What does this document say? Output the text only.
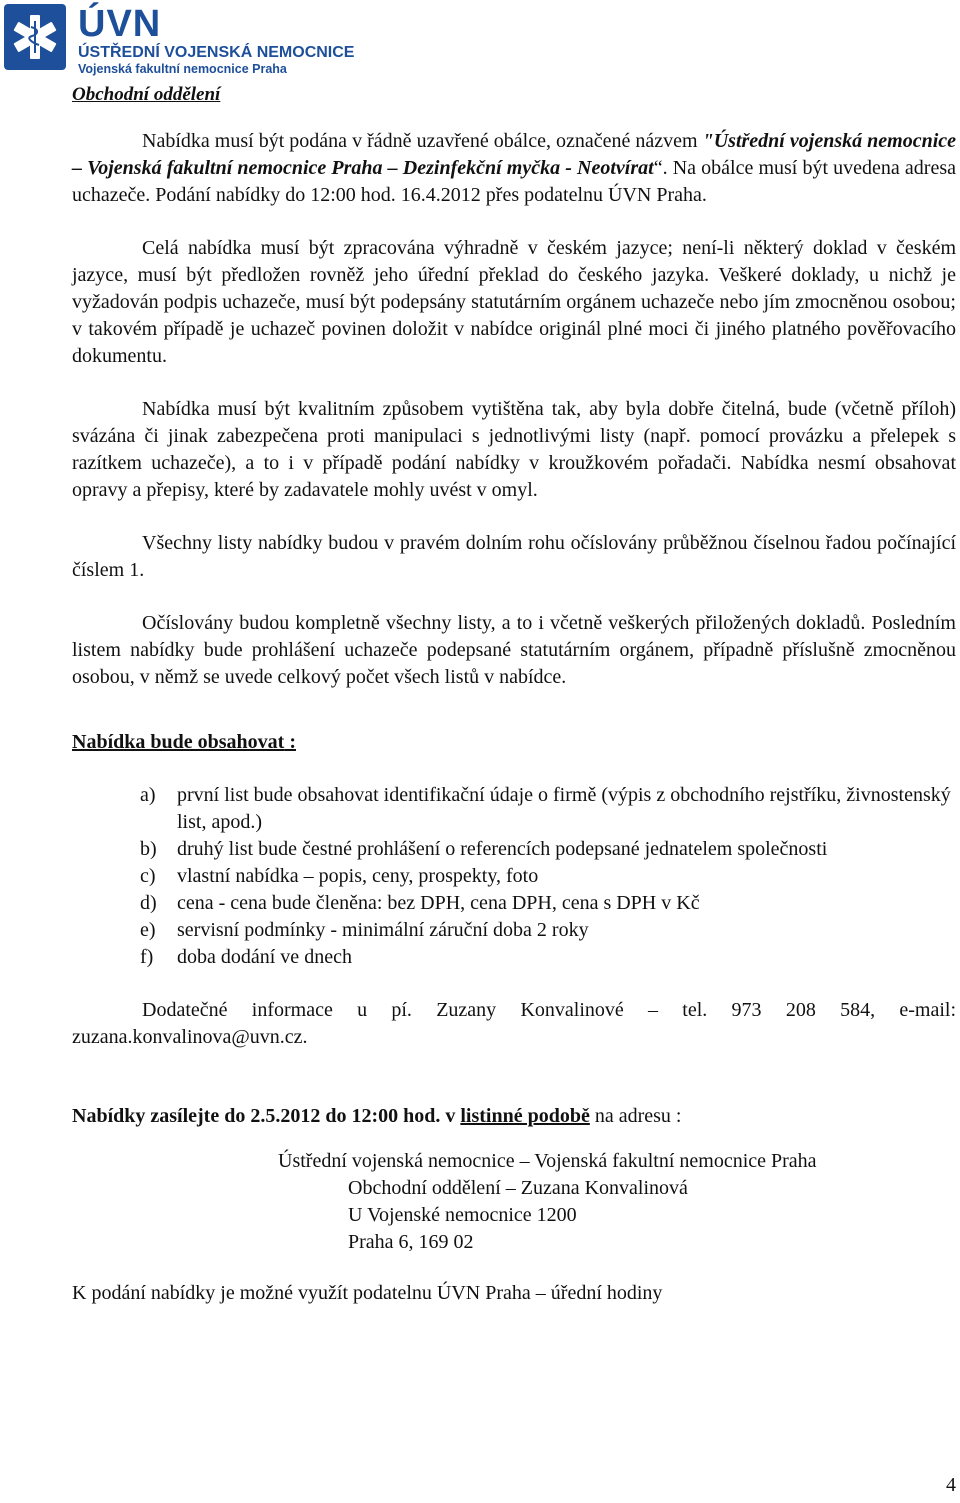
ÚVN
ÚSTŘEDNÍ VOJENSKÁ NEMOCNICE
Vojenská fakultní nemocnice Praha
Obchodní oddělení

Nabídka musí být podána v řádně uzavřené obálce, označené názvem "Ústřední vojenská nemocnice – Vojenská fakultní nemocnice Praha – Dezinfekční myčka - Neotvírat“. Na obálce musí být uvedena adresa uchazeče. Podání nabídky do 12:00 hod. 16.4.2012 přes podatelnu ÚVN Praha.

Celá nabídka musí být zpracována výhradně v českém jazyce; není-li některý doklad v českém jazyce, musí být předložen rovněž jeho úřední překlad do českého jazyka. Veškeré doklady, u nichž je vyžadován podpis uchazeče, musí být podepsány statutárním orgánem uchazeče nebo jím zmocněnou osobou; v takovém případě je uchazeč povinen doložit v nabídce originál plné moci či jiného platného pověřovacího dokumentu.

Nabídka musí být kvalitním způsobem vytištěna tak, aby byla dobře čitelná, bude (včetně příloh) svázána či jinak zabezpečena proti manipulaci s jednotlivými listy (např. pomocí provázku a přelepek s razítkem uchazeče), a to i v případě podání nabídky v kroužkovém pořadači. Nabídka nesmí obsahovat opravy a přepisy, které by zadavatele mohly uvést v omyl.

Všechny listy nabídky budou v pravém dolním rohu očíslovány průběžnou číselnou řadou počínající číslem 1.

Očíslovány budou kompletně všechny listy, a to i včetně veškerých přiložených dokladů. Posledním listem nabídky bude prohlášení uchazeče podepsané statutárním orgánem, případně příslušně zmocněnou osobou, v němž se uvede celkový počet všech listů v nabídce.

Nabídka bude obsahovat :
a)	první list bude obsahovat identifikační údaje o firmě (výpis z obchodního rejstříku, živnostenský list, apod.)
b)	druhý list bude čestné prohlášení o referencích podepsané jednatelem společnosti
c)	vlastní nabídka – popis, ceny, prospekty, foto
d)	cena - cena bude členěna: bez DPH, cena DPH, cena s DPH v Kč
e)	servisní podmínky - minimální záruční doba 2 roky
f)	doba dodání ve dnech

Dodatečné informace u pí. Zuzany Konvalinové – tel. 973 208 584, e-mail: zuzana.konvalinova@uvn.cz.

Nabídky zasílejte do 2.5.2012 do 12:00 hod. v listinné podobě na adresu :
Ústřední vojenská nemocnice – Vojenská fakultní nemocnice Praha
Obchodní oddělení – Zuzana Konvalinová
U Vojenské nemocnice 1200
Praha 6, 169 02
K podání nabídky je možné využít podatelnu ÚVN Praha – úřední hodiny
4
